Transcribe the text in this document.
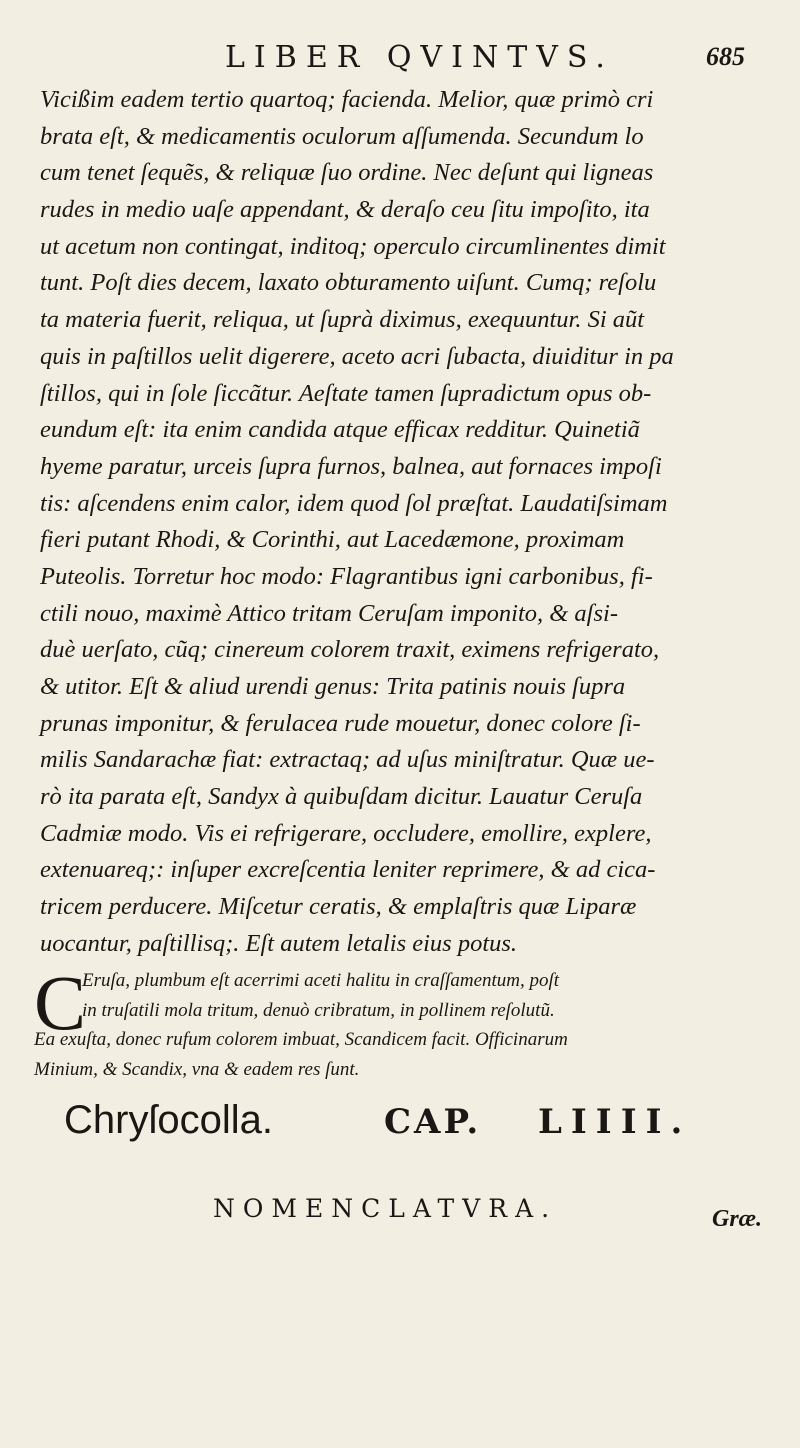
LIBER QVINTVS.	685
Vicißim eadem tertio quartoq; facienda. Melior, quæ primò cri
brata eſt, & medicamentis oculorum aſſumenda. Secundum lo
cum tenet ſequẽs, & reliquæ ſuo ordine. Nec deſunt qui ligneas
rudes in medio uaſe appendant, & deraſo ceu ſitu impoſito, ita
ut acetum non contingat, inditoq; operculo circumlinentes dimit
tunt. Poſt dies decem, laxato obturamento uiſunt. Cumq; reſolu
ta materia fuerit, reliqua, ut ſuprà diximus, exequuntur. Si aũt
quis in paſtillos uelit digerere, aceto acri ſubacta, diuiditur in pa
ſtillos, qui in ſole ſiccãtur. Aeſtate tamen ſupradictum opus ob-
eundum eſt: ita enim candida atque efficax redditur. Quinetiã
hyeme paratur, urceis ſupra furnos, balnea, aut fornaces impoſi
tis: aſcendens enim calor, idem quod ſol præſtat. Laudatiſsimam
fieri putant Rhodi, & Corinthi, aut Lacedæmone, proximam
Puteolis. Torretur hoc modo: Flagrantibus igni carbonibus, fi-
ctili nouo, maximè Attico tritam Ceruſam imponito, & aſsi-
duè uerſato, cũq; cinereum colorem traxit, eximens refrigerato,
& utitor. Eſt & aliud urendi genus: Trita patinis nouis ſupra
prunas imponitur, & ferulacea rude mouetur, donec colore ſi-
milis Sandarachæ fiat: extractaq; ad uſus miniſtratur. Quæ ue-
rò ita parata eſt, Sandyx à quibuſdam dicitur. Lauatur Ceruſa
Cadmiæ modo. Vis ei refrigerare, occludere, emollire, explere,
extenuareq;: inſuper excreſcentia leniter reprimere, & ad cica-
tricem perducere. Miſcetur ceratis, & emplaſtris quæ Liparæ
uocantur, paſtillisq;. Eſt autem letalis eius potus.
C
Eruſa, plumbum eſt acerrimi aceti halitu in craſſamentum, poſt
in truſatili mola tritum, denuò cribratum, in pollinem reſolutũ.
Ea exuſta, donec rufum colorem imbuat, Scandicem facit. Officinarum
Minium, & Scandix, vna & eadem res ſunt.
Chryſocolla.	CAP. LIIII.
NOMENCLATVRA.	Græ.
